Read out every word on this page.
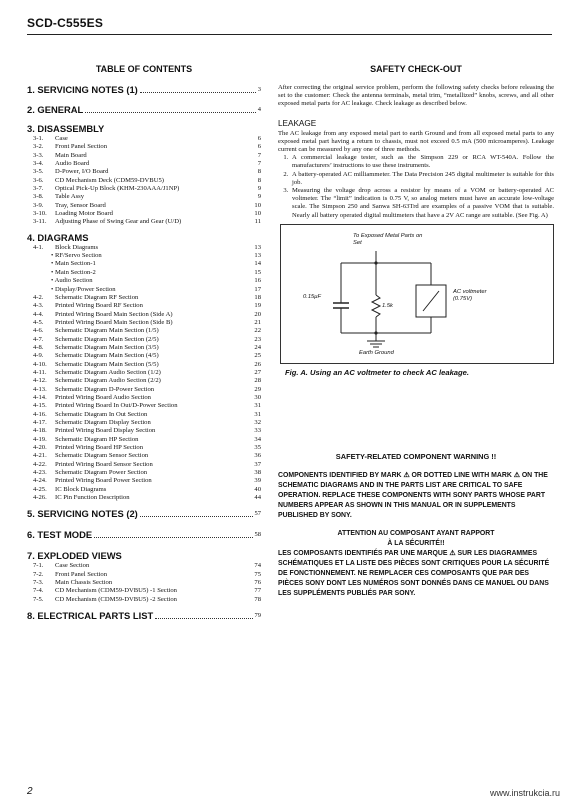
SCD-C555ES
TABLE OF CONTENTS
1. SERVICING NOTES (1)	3
2. GENERAL	4
3. DISASSEMBLY
3-1.	Case	6
3-2.	Front Panel Section	6
3-3.	Main Board	7
3-4.	Audio Board	7
3-5.	D-Power, I/O Board	8
3-6.	CD Mechanism Deck (CDM59-DVBU5)	8
3-7.	Optical Pick-Up Block (KHM-230AAA/J1NP)	9
3-8.	Table Assy	9
3-9.	Tray, Sensor Board	10
3-10.	Loading Motor Board	10
3-11.	Adjusting Phase of Swing Gear and Gear (U/D)	11
4. DIAGRAMS
4-1.	Block Diagrams	13
• RF/Servo Section	13
• Main Section-1	14
• Main Section-2	15
• Audio Section	16
• Display/Power Section	17
4-2.	Schematic Diagram RF Section	18
4-3.	Printed Wiring Board RF Section	19
4-4.	Printed Wiring Board Main Section (Side A)	20
4-5.	Printed Wiring Board Main Section (Side B)	21
4-6.	Schematic Diagram Main Section (1/5)	22
4-7.	Schematic Diagram Main Section (2/5)	23
4-8.	Schematic Diagram Main Section (3/5)	24
4-9.	Schematic Diagram Main Section (4/5)	25
4-10.	Schematic Diagram Main Section (5/5)	26
4-11.	Schematic Diagram Audio Section (1/2)	27
4-12.	Schematic Diagram Audio Section (2/2)	28
4-13.	Schematic Diagram D-Power Section	29
4-14.	Printed Wiring Board Audio Section	30
4-15.	Printed Wiring Board In Out/D-Power Section	31
4-16.	Schematic Diagram In Out Section	31
4-17.	Schematic Diagram Display Section	32
4-18.	Printed Wiring Board Display Section	33
4-19.	Schematic Diagram HP Section	34
4-20.	Printed Wiring Board HP Section	35
4-21.	Schematic Diagram Sensor Section	36
4-22.	Printed Wiring Board Sensor Section	37
4-23.	Schematic Diagram Power Section	38
4-24.	Printed Wiring Board Power Section	39
4-25.	IC Block Diagrams	40
4-26.	IC Pin Function Description	44
5. SERVICING NOTES (2)	57
6. TEST MODE	58
7. EXPLODED VIEWS
7-1.	Case Section	74
7-2.	Front Panel Section	75
7-3.	Main Chassis Section	76
7-4.	CD Mechanism (CDM59-DVBU5) -1 Section	77
7-5.	CD Mechanism (CDM59-DVBU5) -2 Section	78
8. ELECTRICAL PARTS LIST	79
SAFETY CHECK-OUT

After correcting the original service problem, perform the following safety checks before releasing the set to the customer: Check the antenna terminals, metal trim, “metallized” knobs, screws, and all other exposed metal parts for AC leakage. Check leakage as described below.

LEAKAGE

The AC leakage from any exposed metal part to earth Ground and from all exposed metal parts to any exposed metal part having a return to chassis, must not exceed 0.5 mA (500 microamperes). Leakage current can be measured by any one of three methods.

1. A commercial leakage tester, such as the Simpson 229 or RCA WT-540A. Follow the manufacturers’ instructions to use these instruments.
2. A battery-operated AC milliammeter. The Data Precision 245 digital multimeter is suitable for this job.
3. Measuring the voltage drop across a resistor by means of a VOM or battery-operated AC voltmeter. The “limit” indication is 0.75 V, so analog meters must have an accurate low-voltage scale. The Simpson 250 and Sanwa SH-63Trd are examples of a passive VOM that is suitable. Nearly all battery operated digital multimeters that have a 2V AC range are suitable. (See Fig. A)
To Exposed Metal Parts on Set
0.15μF
1.5k
AC voltmeter (0.75V)
Earth Ground
Fig. A. Using an AC voltmeter to check AC leakage.
SAFETY-RELATED COMPONENT WARNING !!

COMPONENTS IDENTIFIED BY MARK ⚠ OR DOTTED LINE WITH MARK ⚠ ON THE SCHEMATIC DIAGRAMS AND IN THE PARTS LIST ARE CRITICAL TO SAFE OPERATION. REPLACE THESE COMPONENTS WITH SONY PARTS WHOSE PART NUMBERS APPEAR AS SHOWN IN THIS MANUAL OR IN SUPPLEMENTS PUBLISHED BY SONY.

ATTENTION AU COMPOSANT AYANT RAPPORT
À LA SÉCURITÉ!!

LES COMPOSANTS IDENTIFIÉS PAR UNE MARQUE ⚠ SUR LES DIAGRAMMES SCHÉMATIQUES ET LA LISTE DES PIÈCES SONT CRITIQUES POUR LA SÉCURITÉ DE FONCTIONNEMENT. NE REMPLACER CES COMPOSANTS QUE PAR DES PIÈCES SONY DONT LES NUMÉROS SONT DONNÉS DANS CE MANUEL OU DANS LES SUPPLÉMENTS PUBLIÉS PAR SONY.

2	www.instrukcia.ru
